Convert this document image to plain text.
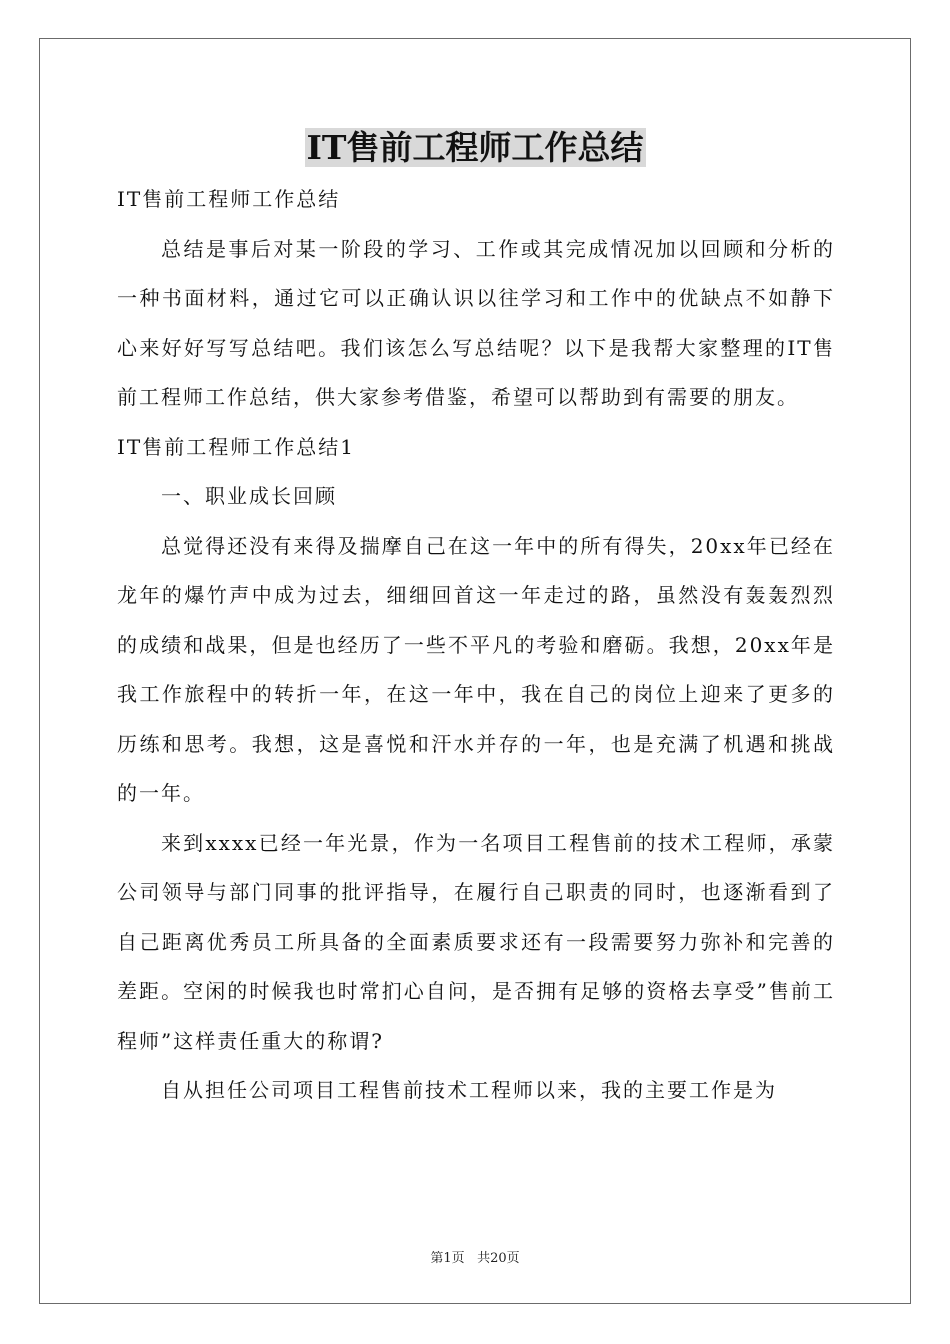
IT售前工程师工作总结

IT售前工程师工作总结

总结是事后对某一阶段的学习、工作或其完成情况加以回顾和分析的一种书面材料，通过它可以正确认识以往学习和工作中的优缺点不如静下心来好好写写总结吧。我们该怎么写总结呢？以下是我帮大家整理的IT售前工程师工作总结，供大家参考借鉴，希望可以帮助到有需要的朋友。

IT售前工程师工作总结1

一、职业成长回顾

总觉得还没有来得及揣摩自己在这一年中的所有得失，20xx年已经在龙年的爆竹声中成为过去，细细回首这一年走过的路，虽然没有轰轰烈烈的成绩和战果，但是也经历了一些不平凡的考验和磨砺。我想，20xx年是我工作旅程中的转折一年，在这一年中，我在自己的岗位上迎来了更多的历练和思考。我想，这是喜悦和汗水并存的一年，也是充满了机遇和挑战的一年。

来到xxxx已经一年光景，作为一名项目工程售前的技术工程师，承蒙公司领导与部门同事的批评指导，在履行自己职责的同时，也逐渐看到了自己距离优秀员工所具备的全面素质要求还有一段需要努力弥补和完善的差距。空闲的时候我也时常扪心自问，是否拥有足够的资格去享受”售前工程师”这样责任重大的称谓?

自从担任公司项目工程售前技术工程师以来，我的主要工作是为

第1页 共20页
